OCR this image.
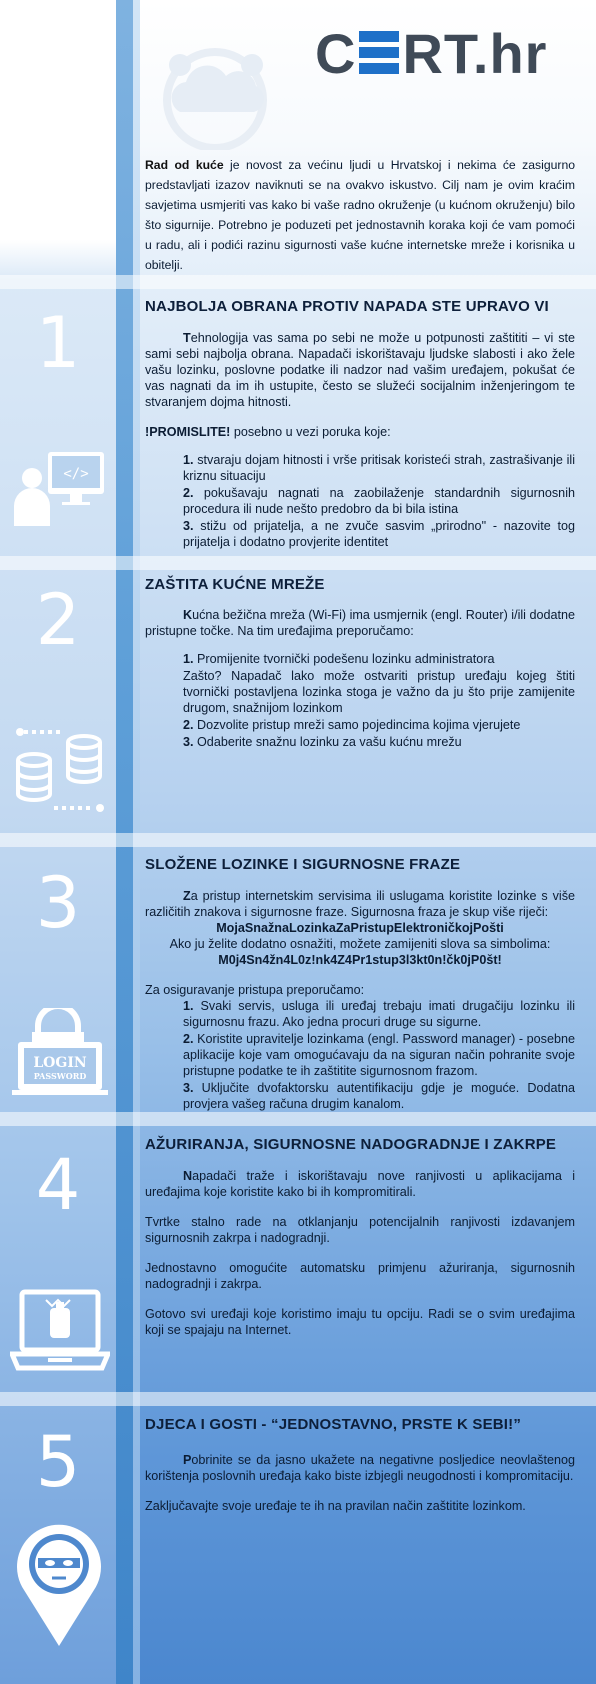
C RT.hr
Rad od kuće je novost za većinu ljudi u Hrvatskoj i nekima će zasigurno predstavljati izazov naviknuti se na ovakvo iskustvo. Cilj nam je ovim kraćim savjetima usmjeriti vas kako bi vaše radno okruženje (u kućnom okruženju) bilo što sigurnije. Potrebno je poduzeti pet jednostavnih koraka koji će vam pomoći u radu, ali i podići razinu sigurnosti vaše kućne internetske mreže i korisnika u obitelji.
1
</>
NAJBOLJA OBRANA PROTIV NAPADA STE UPRAVO VI

Tehnologija vas sama po sebi ne može u potpunosti zaštititi – vi ste sami sebi najbolja obrana. Napadači iskorištavaju ljudske slabosti i ako žele vašu lozinku, poslovne podatke ili nadzor nad vašim uređajem, pokušat će vas nagnati da im ih ustupite, često se služeći socijalnim inženjeringom te stvaranjem dojma hitnosti.

!PROMISLITE! posebno u vezi poruka koje:

1. stvaraju dojam hitnosti i vrše pritisak koristeći strah, zastrašivanje ili kriznu situaciju
2. pokušavaju nagnati na zaobilaženje standardnih sigurnosnih procedura ili nude nešto predobro da bi bila istina
3. stižu od prijatelja, a ne zvuče sasvim „prirodno" - nazovite tog prijatelja i dodatno provjerite identitet
2	ZAŠTITA KUĆNE MREŽE

Kućna bežična mreža (Wi-Fi) ima usmjernik (engl. Router) i/ili dodatne pristupne točke. Na tim uređajima preporučamo:

1. Promijenite tvornički podešenu lozinku administratora
Zašto? Napadač lako može ostvariti pristup uređaju kojeg štiti tvornički postavljena lozinka stoga je važno da ju što prije zamijenite drugom, snažnijom lozinkom
2. Dozvolite pristup mreži samo pojedincima kojima vjerujete
3. Odaberite snažnu lozinku za vašu kućnu mrežu
3
LOGIN
PASSWORD
SLOŽENE LOZINKE I SIGURNOSNE FRAZE

Za pristup internetskim servisima ili uslugama koristite lozinke s više različitih znakova i sigurnosne fraze. Sigurnosna fraza je skup više riječi:

MojaSnažnaLozinkaZaPristupElektroničkojPošti
Ako ju želite dodatno osnažiti, možete zamijeniti slova sa simbolima:
M0j4Sn4žn4L0z!nk4Z4Pr1stup3l3kt0n!čk0jP0št!
Za osiguravanje pristupa preporučamo:
1. Svaki servis, usluga ili uređaj trebaju imati drugačiju lozinku ili sigurnosnu frazu. Ako jedna procuri druge su sigurne.
2. Koristite upravitelje lozinkama (engl. Password manager) - posebne aplikacije koje vam omogućavaju da na siguran način pohranite svoje pristupne podatke te ih zaštitite sigurnosnom frazom.
3. Uključite dvofaktorsku autentifikaciju gdje je moguće. Dodatna provjera vašeg računa drugim kanalom.
4	AŽURIRANJA, SIGURNOSNE NADOGRADNJE I ZAKRPE

Napadači traže i iskorištavaju nove ranjivosti u aplikacijama i uređajima koje koristite kako bi ih kompromitirali.

Tvrtke stalno rade na otklanjanju potencijalnih ranjivosti izdavanjem sigurnosnih zakrpa i nadogradnji.

Jednostavno omogućite automatsku primjenu ažuriranja, sigurnosnih nadogradnji i zakrpa.

Gotovo svi uređaji koje koristimo imaju tu opciju. Radi se o svim uređajima koji se spajaju na Internet.

5	DJECA I GOSTI - “JEDNOSTAVNO, PRSTE K SEBI!”

Pobrinite se da jasno ukažete na negativne posljedice neovlaštenog korištenja poslovnih uređaja kako biste izbjegli neugodnosti i kompromitaciju.

Zaključavajte svoje uređaje te ih na pravilan način zaštitite lozinkom.
